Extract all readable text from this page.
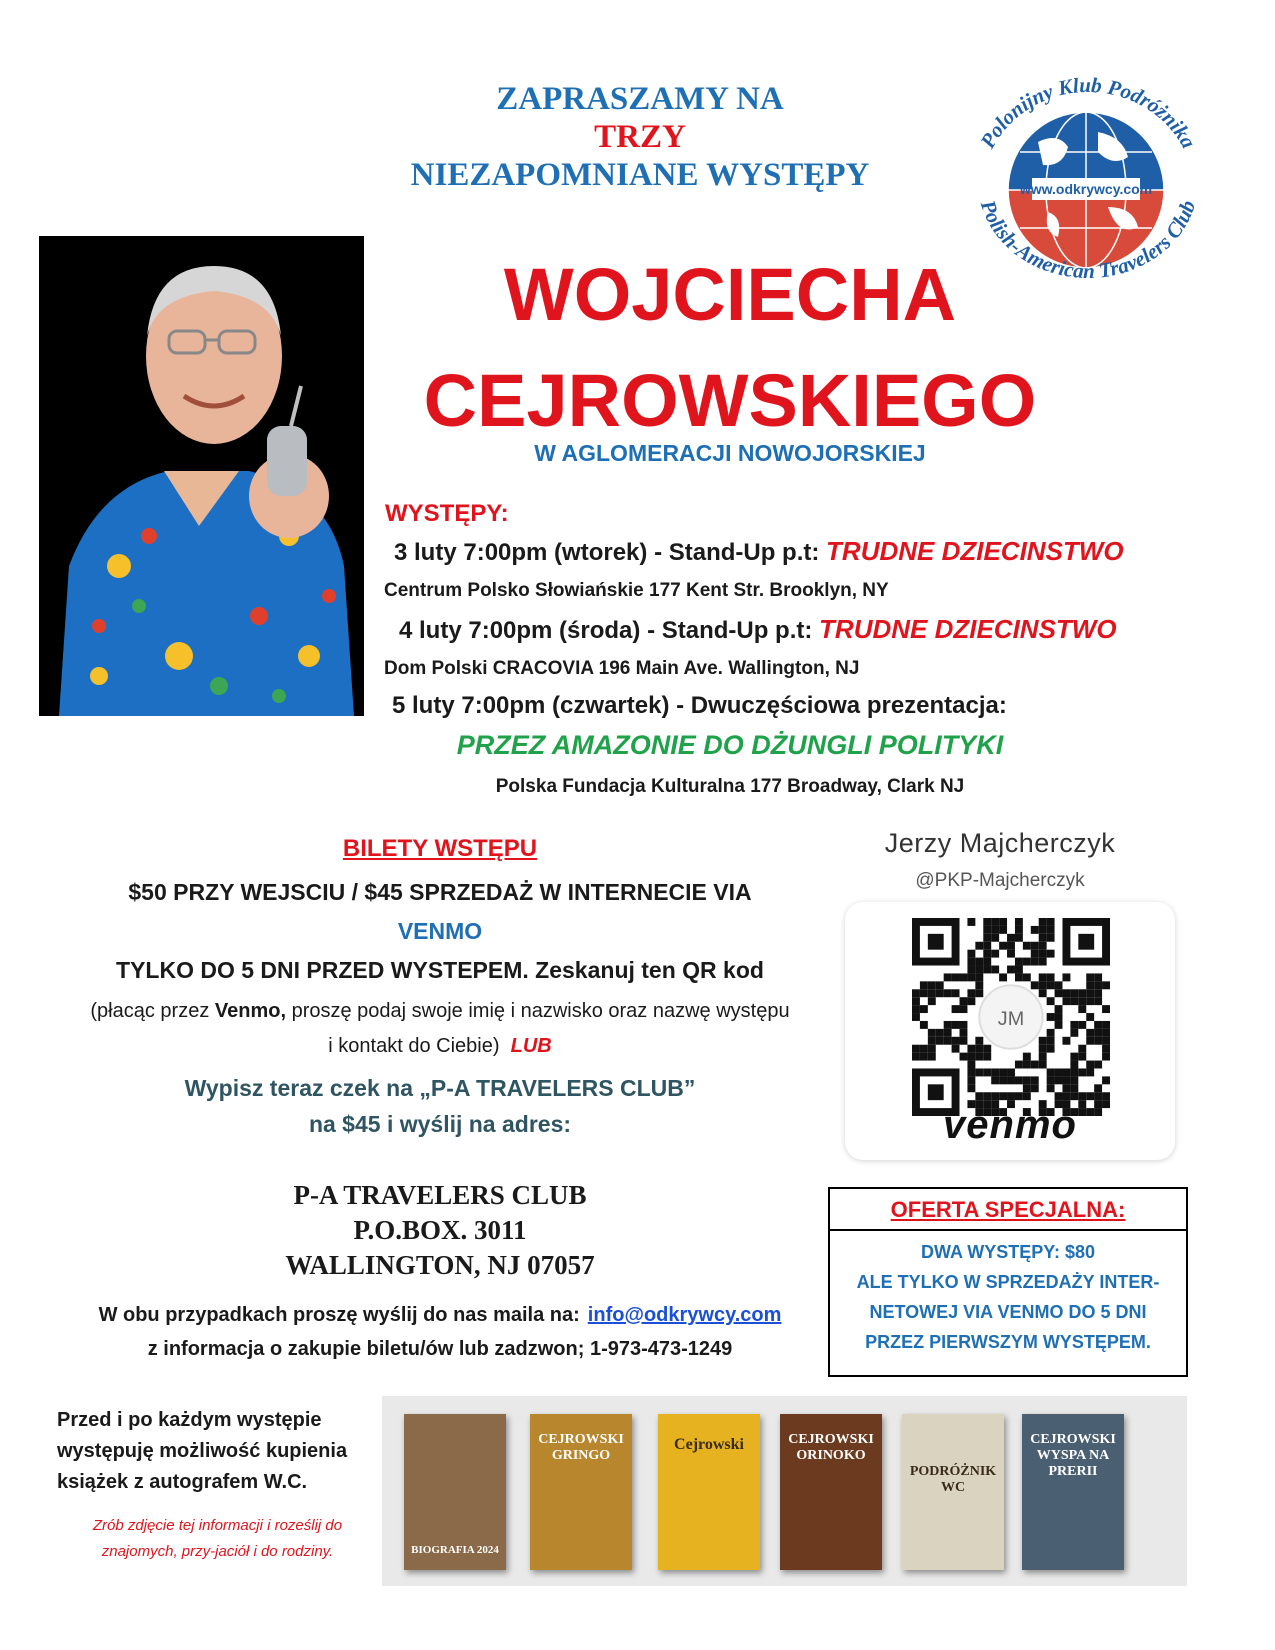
ZAPRASZAMY NA
TRZY
NIEZAPOMNIANE WYSTĘPY	www.odkrywcy.com
Polonijny Klub Podróżnika
Polish-American Travelers Club
WOJCIECHA
CEJROWSKIEGO
W AGLOMERACJI NOWOJORSKIEJ
WYSTĘPY:
3 luty 7:00pm (wtorek) - Stand-Up p.t: TRUDNE DZIECINSTWO
Centrum Polsko Słowiańskie 177 Kent Str. Brooklyn, NY
4 luty 7:00pm (środa) - Stand-Up p.t: TRUDNE DZIECINSTWO
Dom Polski CRACOVIA 196 Main Ave. Wallington, NJ
5 luty 7:00pm (czwartek) - Dwuczęściowa prezentacja:
PRZEZ AMAZONIE DO DŻUNGLI POLITYKI
Polska Fundacja Kulturalna 177 Broadway, Clark NJ
BILETY WSTĘPU
$50 PRZY WEJSCIU / $45 SPRZEDAŻ W INTERNECIE VIA
VENMO
TYLKO DO 5 DNI PRZED WYSTEPEM. Zeskanuj ten QR kod
(płacąc przez Venmo, proszę podaj swoje imię i nazwisko oraz nazwę występu i kontakt do Ciebie) LUB
Wypisz teraz czek na „P-A TRAVELERS CLUB”
na $45 i wyślij na adres:
P-A TRAVELERS CLUB
P.O.BOX. 3011
WALLINGTON, NJ 07057
W obu przypadkach proszę wyślij do nas maila na: info@odkrywcy.com
z informacja o zakupie biletu/ów lub zadzwon; 1-973-473-1249
Jerzy Majcherczyk
@PKP-Majcherczyk
JM
venmo
OFERTA SPECJALNA:
DWA WYSTĘPY: $80
ALE TYLKO W SPRZEDAŻY INTER-
NETOWEJ VIA VENMO DO 5 DNI
PRZEZ PIERWSZYM WYSTĘPEM.
Przed i po każdym występie występuję możliwość kupienia książek z autografem W.C.
Zrób zdjęcie tej informacji i roześlij do znajomych, przy-jaciół i do rodziny.	BIOGRAFIA 2024
CEJROWSKI GRINGO
Cejrowski	CEJROWSKI ORINOKO
PODRÓŻNIK WC
CEJROWSKI WYSPA NA PRERII
